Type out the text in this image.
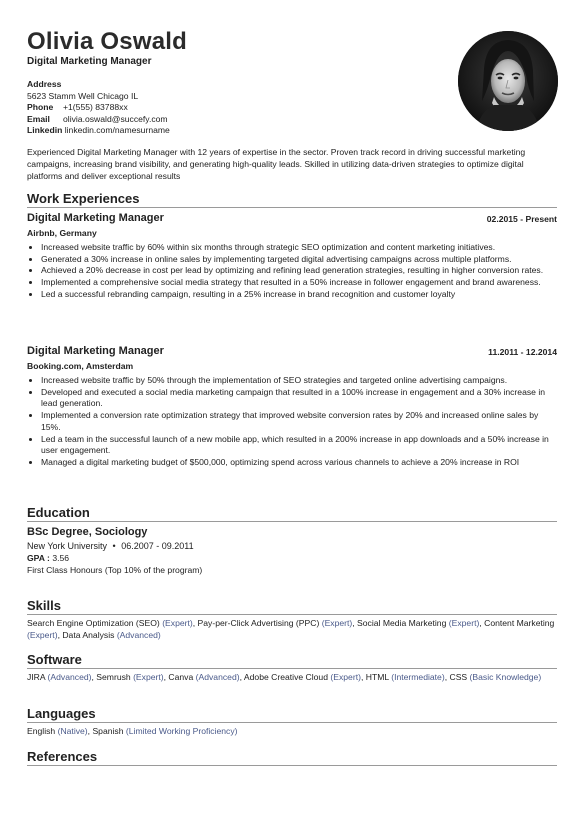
Olivia Oswald
Digital Marketing Manager
Address
5623 Stamm Well Chicago IL
Phone +1(555) 83788xx
Email olivia.oswald@succefy.com
Linkedin linkedin.com/namesurname
Experienced Digital Marketing Manager with 12 years of expertise in the sector. Proven track record in driving successful marketing campaigns, increasing brand visibility, and generating high-quality leads. Skilled in utilizing data-driven strategies to optimize digital platforms and deliver exceptional results
Work Experiences
Digital Marketing Manager	02.2015 - Present
Airbnb, Germany
• Increased website traffic by 60% within six months through strategic SEO optimization and content marketing initiatives.
• Generated a 30% increase in online sales by implementing targeted digital advertising campaigns across multiple platforms.
• Achieved a 20% decrease in cost per lead by optimizing and refining lead generation strategies, resulting in higher conversion rates.
• Implemented a comprehensive social media strategy that resulted in a 50% increase in follower engagement and brand awareness.
• Led a successful rebranding campaign, resulting in a 25% increase in brand recognition and customer loyalty
Digital Marketing Manager	11.2011 - 12.2014
Booking.com, Amsterdam
• Increased website traffic by 50% through the implementation of SEO strategies and targeted online advertising campaigns.
• Developed and executed a social media marketing campaign that resulted in a 100% increase in engagement and a 30% increase in lead generation.
• Implemented a conversion rate optimization strategy that improved website conversion rates by 20% and increased online sales by 15%.
• Led a team in the successful launch of a new mobile app, which resulted in a 200% increase in app downloads and a 50% increase in user engagement.
• Managed a digital marketing budget of $500,000, optimizing spend across various channels to achieve a 20% increase in ROI
Education
BSc Degree, Sociology
New York University • 06.2007 - 09.2011
GPA : 3.56
First Class Honours (Top 10% of the program)
Skills
Search Engine Optimization (SEO) (Expert), Pay-per-Click Advertising (PPC) (Expert), Social Media Marketing (Expert), Content Marketing (Expert), Data Analysis (Advanced)
Software
JIRA (Advanced), Semrush (Expert), Canva (Advanced), Adobe Creative Cloud (Expert), HTML (Intermediate), CSS (Basic Knowledge)
Languages
English (Native), Spanish (Limited Working Proficiency)
References
